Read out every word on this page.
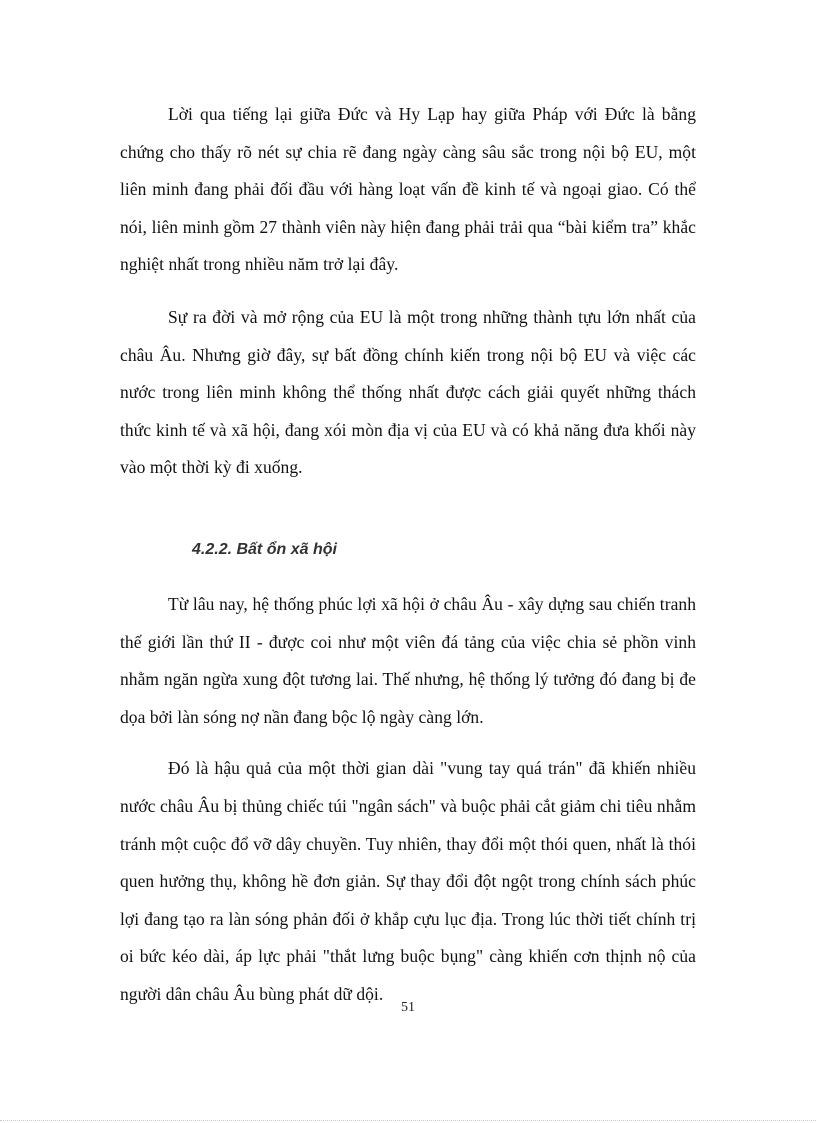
Lời qua tiếng lại giữa Đức và Hy Lạp hay giữa Pháp với Đức là bằng chứng cho thấy rõ nét sự chia rẽ đang ngày càng sâu sắc trong nội bộ EU, một liên minh đang phải đối đầu với hàng loạt vấn đề kinh tế và ngoại giao. Có thể nói, liên minh gồm 27 thành viên này hiện đang phải trải qua “bài kiểm tra” khắc nghiệt nhất trong nhiều năm trở lại đây.

Sự ra đời và mở rộng của EU là một trong những thành tựu lớn nhất của châu Âu. Nhưng giờ đây, sự bất đồng chính kiến trong nội bộ EU và việc các nước trong liên minh không thể thống nhất được cách giải quyết những thách thức kinh tế và xã hội, đang xói mòn địa vị của EU và có khả năng đưa khối này vào một thời kỳ đi xuống.

4.2.2. Bất ổn xã hội

Từ lâu nay, hệ thống phúc lợi xã hội ở châu Âu - xây dựng sau chiến tranh thế giới lần thứ II - được coi như một viên đá tảng của việc chia sẻ phồn vinh nhằm ngăn ngừa xung đột tương lai. Thế nhưng, hệ thống lý tưởng đó đang bị đe dọa bởi làn sóng nợ nần đang bộc lộ ngày càng lớn.

Đó là hậu quả của một thời gian dài "vung tay quá trán" đã khiến nhiều nước châu Âu bị thủng chiếc túi "ngân sách" và buộc phải cắt giảm chi tiêu nhằm tránh một cuộc đổ vỡ dây chuyền. Tuy nhiên, thay đổi một thói quen, nhất là thói quen hưởng thụ, không hề đơn giản. Sự thay đổi đột ngột trong chính sách phúc lợi đang tạo ra làn sóng phản đối ở khắp cựu lục địa. Trong lúc thời tiết chính trị oi bức kéo dài, áp lực phải "thắt lưng buộc bụng" càng khiến cơn thịnh nộ của người dân châu Âu bùng phát dữ dội.

51
